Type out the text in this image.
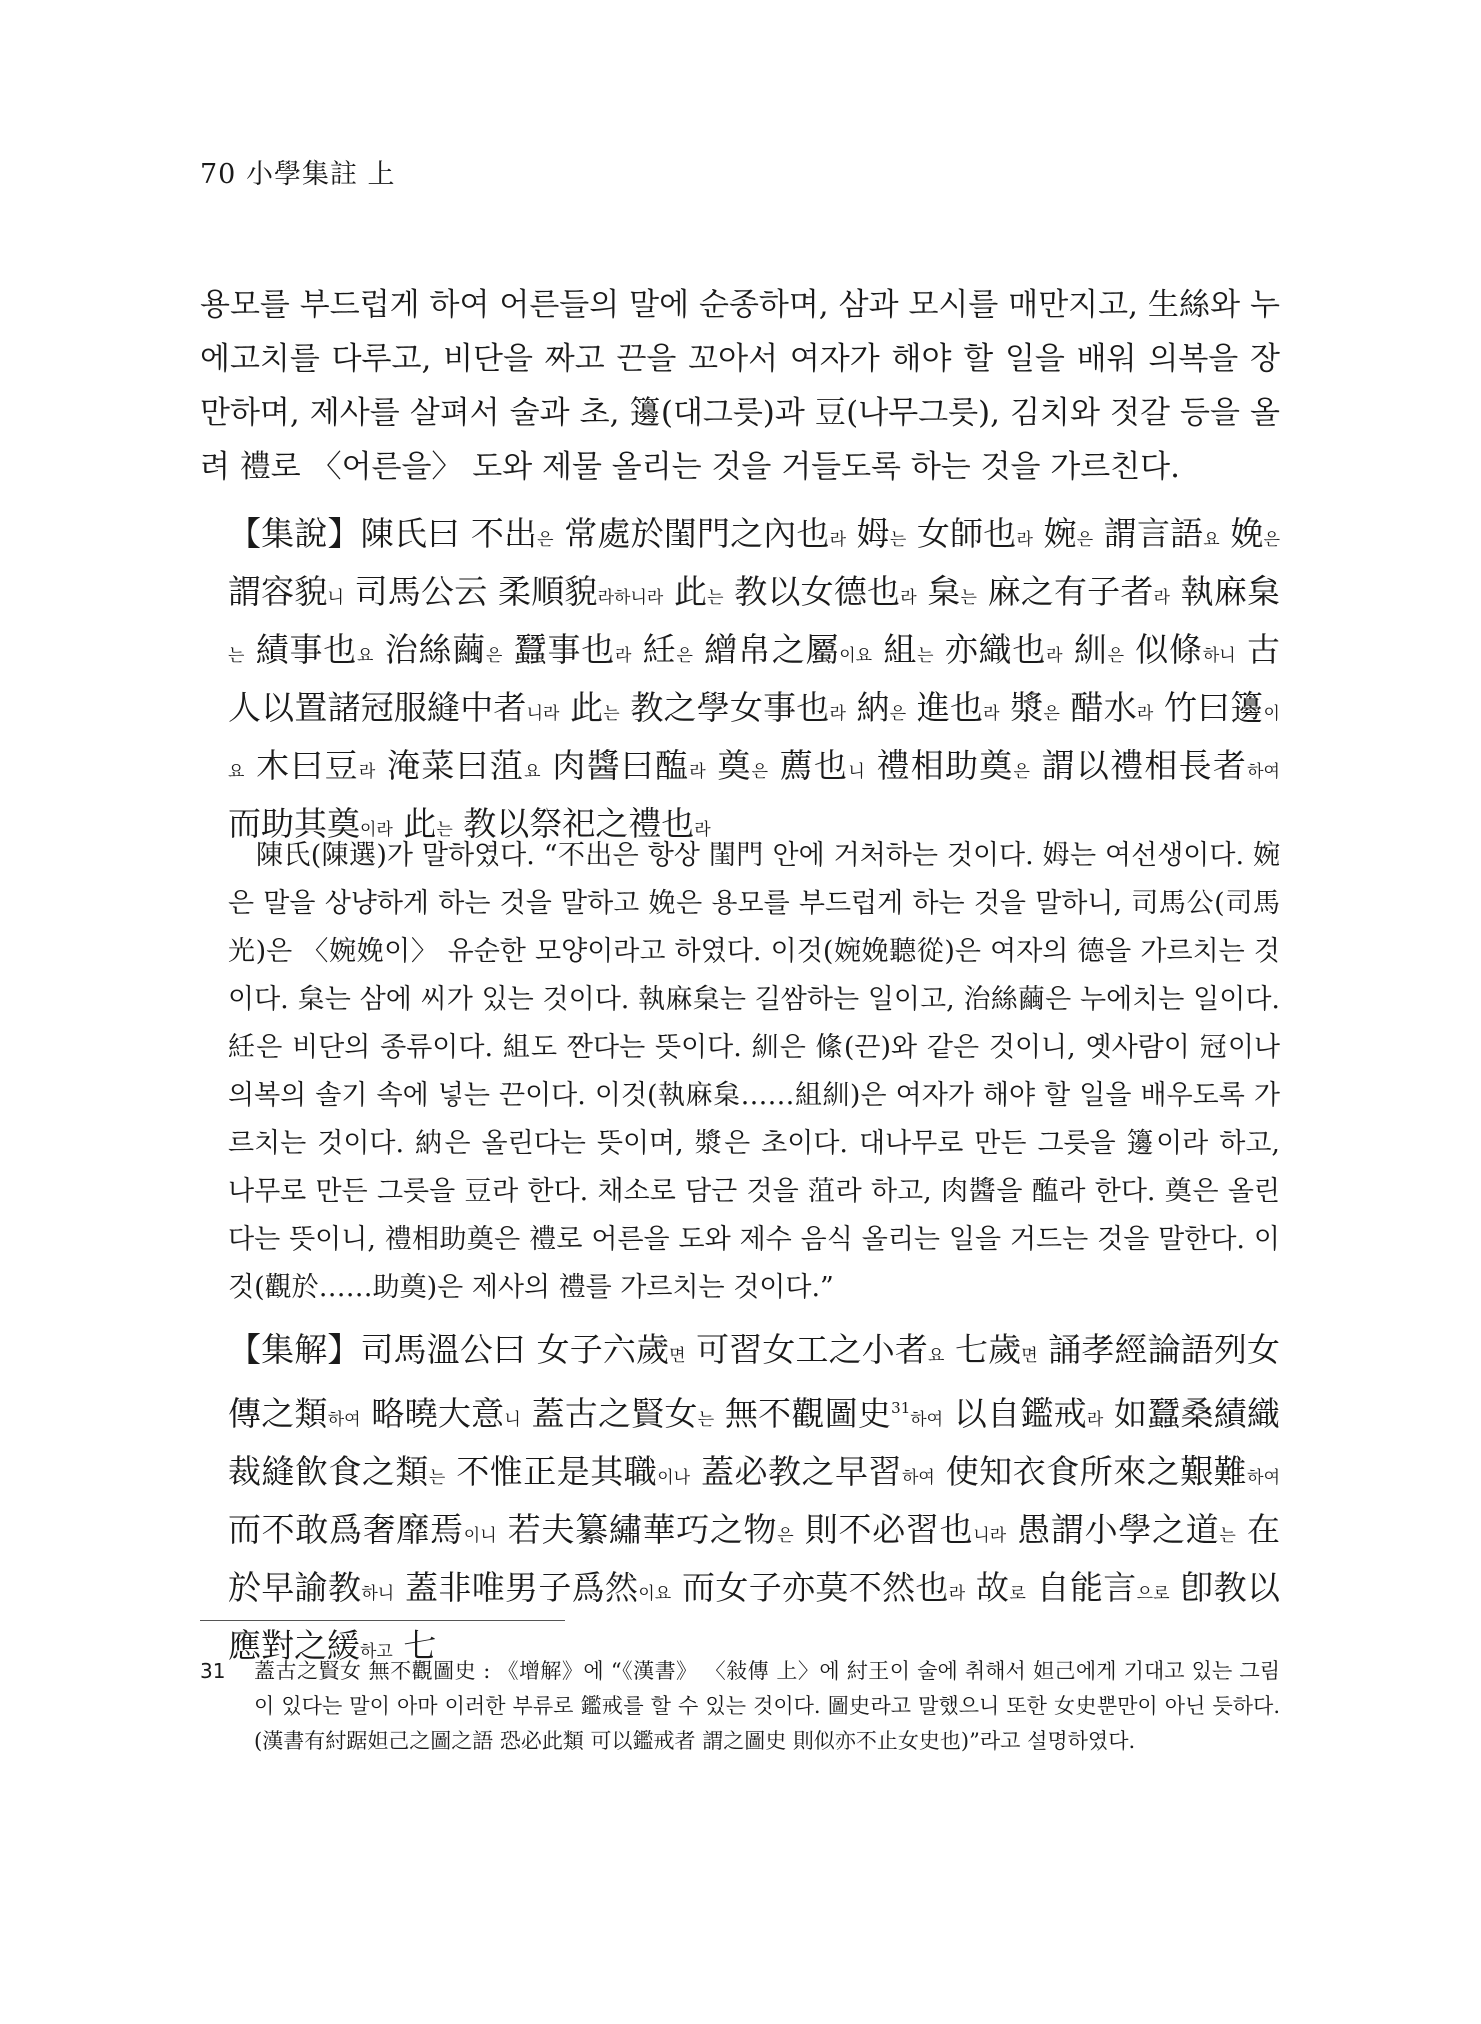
70 小學集註 上
용모를 부드럽게 하여 어른들의 말에 순종하며, 삼과 모시를 매만지고, 生絲와 누에고치를 다루고, 비단을 짜고 끈을 꼬아서 여자가 해야 할 일을 배워 의복을 장만하며, 제사를 살펴서 술과 초, 籩(대그릇)과 豆(나무그릇), 김치와 젓갈 등을 올려 禮로 〈어른을〉 도와 제물 올리는 것을 거들도록 하는 것을 가르친다.
【集說】陳氏曰 不出은 常處於閨門之內也라 姆는 女師也라 婉은 謂言語요 娩은 謂容貌니 司馬公云 柔順貌라하니라 此는 教以女德也라 枲는 麻之有子者라 執麻枲는 績事也요 治絲繭은 蠶事也라 紝은 繒帛之屬이요 組는 亦織也라 紃은 似條하니 古人以置諸冠服縫中者니라 此는 教之學女事也라 納은 進也라 漿은 醋水라 竹曰籩이요 木曰豆라 淹菜曰菹요 肉醬曰醢라 奠은 薦也니 禮相助奠은 謂以禮相長者하여 而助其奠이라 此는 教以祭祀之禮也라

陳氏(陳選)가 말하였다. “不出은 항상 閨門 안에 거처하는 것이다. 姆는 여선생이다. 婉은 말을 상냥하게 하는 것을 말하고 娩은 용모를 부드럽게 하는 것을 말하니, 司馬公(司馬光)은 〈婉娩이〉 유순한 모양이라고 하였다. 이것(婉娩聽從)은 여자의 德을 가르치는 것이다. 枲는 삼에 씨가 있는 것이다. 執麻枲는 길쌈하는 일이고, 治絲繭은 누에치는 일이다. 紝은 비단의 종류이다. 組도 짠다는 뜻이다. 紃은 絛(끈)와 같은 것이니, 옛사람이 冠이나 의복의 솔기 속에 넣는 끈이다. 이것(執麻枲……組紃)은 여자가 해야 할 일을 배우도록 가르치는 것이다. 納은 올린다는 뜻이며, 漿은 초이다. 대나무로 만든 그릇을 籩이라 하고, 나무로 만든 그릇을 豆라 한다. 채소로 담근 것을 菹라 하고, 肉醬을 醢라 한다. 奠은 올린다는 뜻이니, 禮相助奠은 禮로 어른을 도와 제수 음식 올리는 일을 거드는 것을 말한다. 이것(觀於……助奠)은 제사의 禮를 가르치는 것이다.”

【集解】司馬溫公曰 女子六歲면 可習女工之小者요 七歲면 誦孝經論語列女傳之類하여 略曉大意니 蓋古之賢女는 無不觀圖史$^{31}$하여 以自鑑戒라 如蠶桑績織裁縫飮食之類는 不惟正是其職이나 蓋必教之早習하여 使知衣食所來之艱難하여 而不敢爲奢靡焉이니 若夫纂繡華巧之物은 則不必習也니라 愚謂小學之道는 在於早諭教하니 蓋非唯男子爲然이요 而女子亦莫不然也라 故로 自能言으로 卽教以應對之緩하고 七
31	蓋古之賢女 無不觀圖史 : 《增解》에 “《漢書》 〈敍傳 上〉에 紂王이 술에 취해서 妲己에게 기대고 있는 그림이 있다는 말이 아마 이러한 부류로 鑑戒를 할 수 있는 것이다. 圖史라고 말했으니 또한 女史뿐만이 아닌 듯하다.(漢書有紂踞妲己之圖之語 恐必此類 可以鑑戒者 謂之圖史 則似亦不止女史也)”라고 설명하였다.
